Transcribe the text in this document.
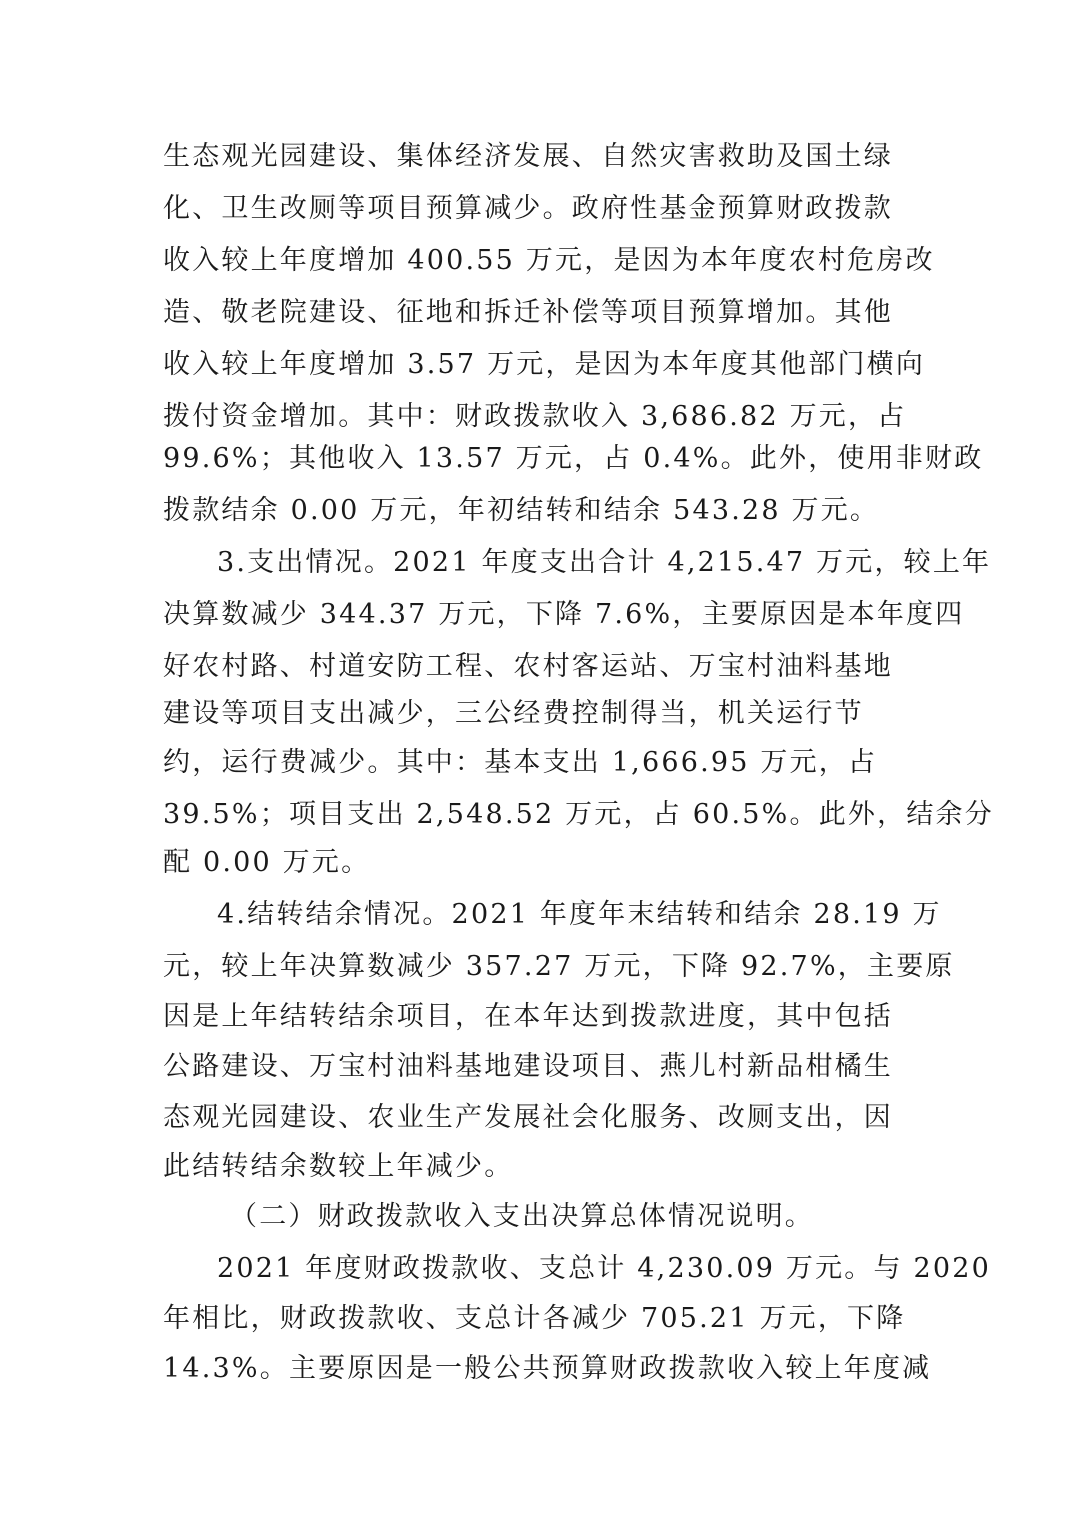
生态观光园建设、集体经济发展、自然灾害救助及国土绿
化、卫生改厕等项目预算减少。政府性基金预算财政拨款
收入较上年度增加 400.55 万元，是因为本年度农村危房改
造、敬老院建设、征地和拆迁补偿等项目预算增加。其他
收入较上年度增加 3.57 万元，是因为本年度其他部门横向
拨付资金增加。其中：财政拨款收入 3,686.82 万元，占
99.6%；其他收入 13.57 万元，占 0.4%。此外，使用非财政
拨款结余 0.00 万元，年初结转和结余 543.28 万元。
3.支出情况。2021 年度支出合计 4,215.47 万元，较上年
决算数减少 344.37 万元，下降 7.6%，主要原因是本年度四
好农村路、村道安防工程、农村客运站、万宝村油料基地
建设等项目支出减少，三公经费控制得当，机关运行节
约，运行费减少。其中：基本支出 1,666.95 万元，占
39.5%；项目支出 2,548.52 万元，占 60.5%。此外，结余分
配 0.00 万元。
4.结转结余情况。2021 年度年末结转和结余 28.19 万
元，较上年决算数减少 357.27 万元，下降 92.7%，主要原
因是上年结转结余项目，在本年达到拨款进度，其中包括
公路建设、万宝村油料基地建设项目、燕儿村新品柑橘生
态观光园建设、农业生产发展社会化服务、改厕支出，因
此结转结余数较上年减少。
（二）财政拨款收入支出决算总体情况说明。
2021 年度财政拨款收、支总计 4,230.09 万元。与 2020
年相比，财政拨款收、支总计各减少 705.21 万元，下降
14.3%。主要原因是一般公共预算财政拨款收入较上年度减
